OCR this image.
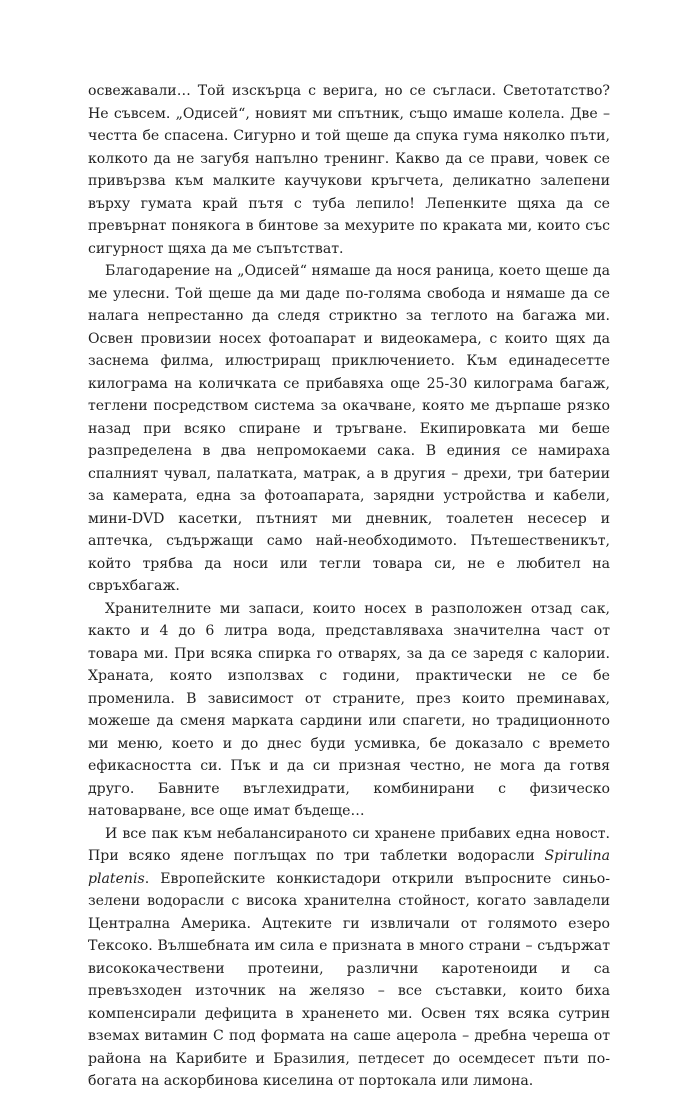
освежавали… Той изскърца с верига, но се съгласи. Светотатство? Не съвсем. „Одисей“, новият ми спътник, също имаше колела. Две – честта бе спасена. Сигурно и той щеше да спука гума няколко пъти, колкото да не загубя напълно тренинг. Какво да се прави, човек се привързва към малките каучукови кръгчета, деликатно залепени върху гумата край пътя с туба лепило! Лепенките щяха да се превърнат понякога в бинтове за мехурите по краката ми, които със сигурност щяха да ме съпътстват.

Благодарение на „Одисей“ нямаше да нося раница, което щеше да ме улесни. Той щеше да ми даде по-голяма свобода и нямаше да се налага непрестанно да следя стриктно за теглото на багажа ми. Освен провизии носех фотоапарат и видеокамера, с които щях да заснема филма, илюстриращ приключението. Към единадесетте килограма на количката се прибавяха още 25-30 килограма багаж, теглени посредством система за окачване, която ме дърпаше рязко назад при всяко спиране и тръгване. Екипировката ми беше разпределена в два непромокаеми сака. В единия се намираха спалният чувал, палатката, матрак, а в другия – дрехи, три батерии за камерата, една за фотоапарата, зарядни устройства и кабели, мини-DVD касетки, пътният ми дневник, тоалетен несесер и аптечка, съдържащи само най-необходимото. Пътешественикът, който трябва да носи или тегли товара си, не е любител на свръхбагаж.

Хранителните ми запаси, които носех в разположен отзад сак, както и 4 до 6 литра вода, представляваха значителна част от товара ми. При всяка спирка го отварях, за да се заредя с калории. Храната, която използвах с години, практически не се бе променила. В зависимост от страните, през които преминавах, можеше да сменя марката сардини или спагети, но традиционното ми меню, което и до днес буди усмивка, бе доказало с времето ефикасността си. Пък и да си призная честно, не мога да готвя друго. Бавните въглехидрати, комбинирани с физическо натоварване, все още имат бъдеще…

И все пак към небалансираното си хранене прибавих една новост. При всяко ядене поглъщах по три таблетки водорасли Spirulina platenis. Европейските конкистадори открили въпросните синьо-зелени водорасли с висока хранителна стойност, когато завладели Централна Америка. Ацтеките ги извличали от голямото езеро Тексоко. Вълшебната им сила е призната в много страни – съдържат висококачествени протеини, различни каротеноиди и са превъзходен източник на желязо – все съставки, които биха компенсирали дефицита в храненето ми. Освен тях всяка сутрин вземах витамин С под формата на саше ацерола – дребна череша от района на Карибите и Бразилия, петдесет до осемдесет пъти по-богата на аскорбинова киселина от портокала или лимона.
